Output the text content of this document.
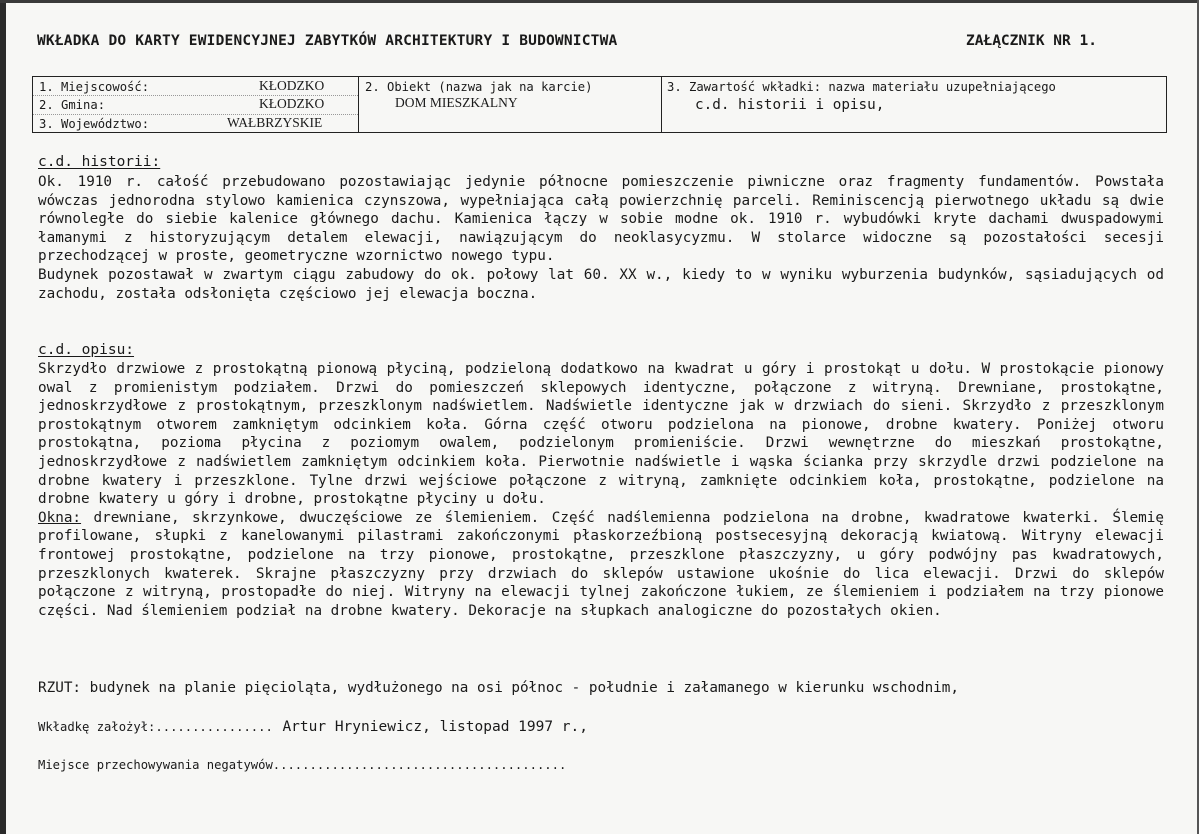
WKŁADKA DO KARTY EWIDENCYJNEJ ZABYTKÓW ARCHITEKTURY I BUDOWNICTWA	ZAŁĄCZNIK NR 1.
1. Miejscowość:	KŁODZKO
2. Gmina:	KŁODZKO
3. Województwo:	WAŁBRZYSKIE
2. Obiekt (nazwa jak na karcie)
DOM MIESZKALNY
3. Zawartość wkładki: nazwa materiału uzupełniającego
c.d. historii i opisu,
c.d. historii:

Ok. 1910 r. całość przebudowano pozostawiając jedynie północne pomieszczenie piwniczne oraz fragmenty fundamentów. Powstała wówczas jednorodna stylowo kamienica czynszowa, wypełniająca całą powierzchnię parceli. Reminiscencją pierwotnego układu są dwie równoległe do siebie kalenice głównego dachu. Kamienica łączy w sobie modne ok. 1910 r. wybudówki kryte dachami dwuspadowymi łamanymi z historyzującym detalem elewacji, nawiązującym do neoklasycyzmu. W stolarce widoczne są pozostałości secesji przechodzącej w proste, geometryczne wzornictwo nowego typu.

Budynek pozostawał w zwartym ciągu zabudowy do ok. połowy lat 60. XX w., kiedy to w wyniku wyburzenia budynków, sąsiadujących od zachodu, została odsłonięta częściowo jej elewacja boczna.

c.d. opisu:

Skrzydło drzwiowe z prostokątną pionową płyciną, podzieloną dodatkowo na kwadrat u góry i prostokąt u dołu. W prostokącie pionowy owal z promienistym podziałem. Drzwi do pomieszczeń sklepowych identyczne, połączone z witryną. Drewniane, prostokątne, jednoskrzydłowe z prostokątnym, przeszklonym nadświetlem. Nadświetle identyczne jak w drzwiach do sieni. Skrzydło z przeszklonym prostokątnym otworem zamkniętym odcinkiem koła. Górna część otworu podzielona na pionowe, drobne kwatery. Poniżej otworu prostokątna, pozioma płycina z poziomym owalem, podzielonym promieniście. Drzwi wewnętrzne do mieszkań prostokątne, jednoskrzydłowe z nadświetlem zamkniętym odcinkiem koła. Pierwotnie nadświetle i wąska ścianka przy skrzydle drzwi podzielone na drobne kwatery i przeszklone. Tylne drzwi wejściowe połączone z witryną, zamknięte odcinkiem koła, prostokątne, podzielone na drobne kwatery u góry i drobne, prostokątne płyciny u dołu.

Okna: drewniane, skrzynkowe, dwuczęściowe ze ślemieniem. Część nadślemienna podzielona na drobne, kwadratowe kwaterki. Ślemię profilowane, słupki z kanelowanymi pilastrami zakończonymi płaskorzeźbioną postsecesyjną dekoracją kwiatową. Witryny elewacji frontowej prostokątne, podzielone na trzy pionowe, prostokątne, przeszklone płaszczyzny, u góry podwójny pas kwadratowych, przeszklonych kwaterek. Skrajne płaszczyzny przy drzwiach do sklepów ustawione ukośnie do lica elewacji. Drzwi do sklepów połączone z witryną, prostopadłe do niej. Witryny na elewacji tylnej zakończone łukiem, ze ślemieniem i podziałem na trzy pionowe części. Nad ślemieniem podział na drobne kwatery. Dekoracje na słupkach analogiczne do pozostałych okien.

RZUT: budynek na planie pięcioląta, wydłużonego na osi północ - południe i załamanego w kierunku wschodnim,
Wkładkę założył:................ Artur Hryniewicz, listopad 1997 r.,
Miejsce przechowywania negatywów........................................
